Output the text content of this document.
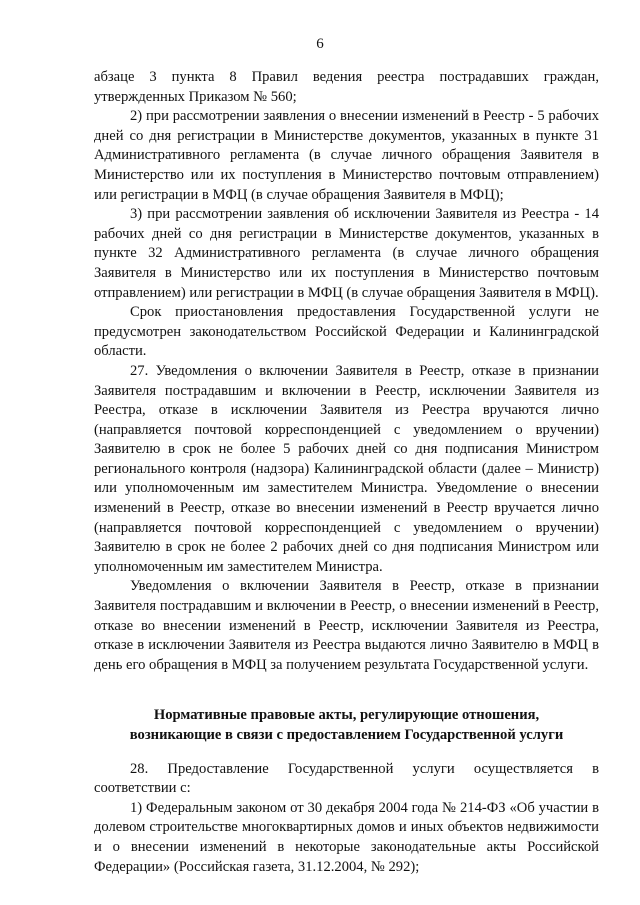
6

абзаце 3 пункта 8 Правил ведения реестра пострадавших граждан, утвержденных Приказом № 560;

2) при рассмотрении заявления о внесении изменений в Реестр - 5 рабочих дней со дня регистрации в Министерстве документов, указанных в пункте 31 Административного регламента (в случае личного обращения Заявителя в Министерство или их поступления в Министерство почтовым отправлением) или регистрации в МФЦ (в случае обращения Заявителя в МФЦ);

3) при рассмотрении заявления об исключении Заявителя из Реестра - 14 рабочих дней со дня регистрации в Министерстве документов, указанных в пункте 32 Административного регламента (в случае личного обращения Заявителя в Министерство или их поступления в Министерство почтовым отправлением) или регистрации в МФЦ (в случае обращения Заявителя в МФЦ).

Срок приостановления предоставления Государственной услуги не предусмотрен законодательством Российской Федерации и Калининградской области.

27. Уведомления о включении Заявителя в Реестр, отказе в признании Заявителя пострадавшим и включении в Реестр, исключении Заявителя из Реестра, отказе в исключении Заявителя из Реестра вручаются лично (направляется почтовой корреспонденцией с уведомлением о вручении) Заявителю в срок не более 5 рабочих дней со дня подписания Министром регионального контроля (надзора) Калининградской области (далее – Министр) или уполномоченным им заместителем Министра. Уведомление о внесении изменений в Реестр, отказе во внесении изменений в Реестр вручается лично (направляется почтовой корреспонденцией с уведомлением о вручении) Заявителю в срок не более 2 рабочих дней со дня подписания Министром или уполномоченным им заместителем Министра.

Уведомления о включении Заявителя в Реестр, отказе в признании Заявителя пострадавшим и включении в Реестр, о внесении изменений в Реестр, отказе во внесении изменений в Реестр, исключении Заявителя из Реестра, отказе в исключении Заявителя из Реестра выдаются лично Заявителю в МФЦ в день его обращения в МФЦ за получением результата Государственной услуги.

Нормативные правовые акты, регулирующие отношения,
возникающие в связи с предоставлением Государственной услуги

28. Предоставление Государственной услуги осуществляется в соответствии с:

1) Федеральным законом от 30 декабря 2004 года № 214-ФЗ «Об участии в долевом строительстве многоквартирных домов и иных объектов недвижимости и о внесении изменений в некоторые законодательные акты Российской Федерации» (Российская газета, 31.12.2004, № 292);
